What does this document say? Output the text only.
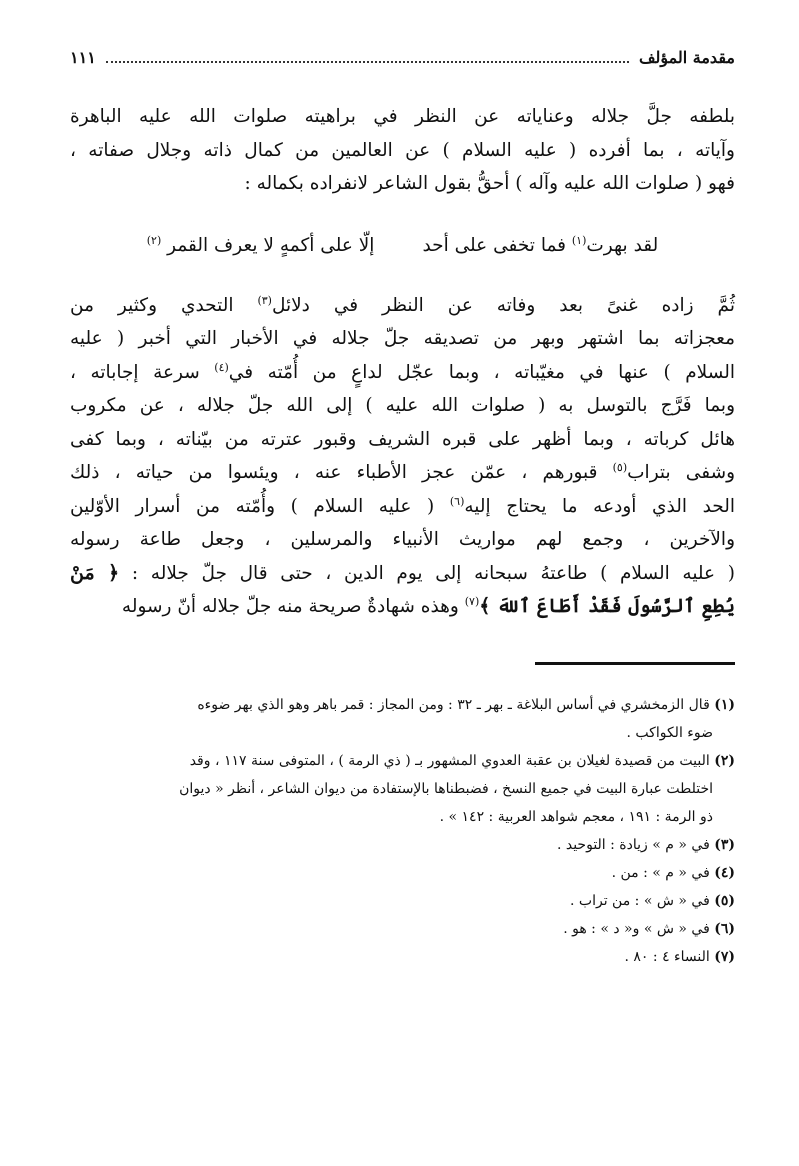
مقدمة المؤلف
١١١
بلطفه جلَّ جلاله وعناياته عن النظر في براهيته صلوات الله عليه الباهرة
وآياته ، بما أفرده ( عليه السلام ) عن العالمين من كمال ذاته وجلال صفاته ،
فهو ( صلوات الله عليه وآله ) أحقُّ بقول الشاعر لانفراده بكماله :
لقد بهرت$^{(١)}$ فما تخفى على أحد
إلّا على أكمهٍ لا يعرف القمر $^{(٢)}$
ثُمَّ زاده غنىً بعد وفاته عن النظر في دلائل$^{(٣)}$ التحدي وكثير من
معجزاته بما اشتهر وبهر من تصديقه جلّ جلاله في الأخبار التي أخبر ( عليه
السلام ) عنها في مغيّباته ، وبما عجّل لداعٍ من أُمّته في$^{(٤)}$ سرعة إجاباته ،
وبما فَرَّج بالتوسل به ( صلوات الله عليه ) إلى الله جلّ جلاله ، عن مكروب
هائل كرباته ، وبما أظهر على قبره الشريف وقبور عترته من بيّناته ، وبما كفى
وشفى بتراب$^{(٥)}$ قبورهم ، عمّن عجز الأطباء عنه ، ويئسوا من حياته ، ذلك
الحد الذي أودعه ما يحتاج إليه$^{(٦)}$ ( عليه السلام ) وأُمّته من أسرار الأوّلين
والآخرين ، وجمع لهم مواريث الأنبياء والمرسلين ، وجعل طاعة رسوله
( عليه السلام ) طاعتهُ سبحانه إلى يوم الدين ، حتى قال جلّ جلاله : ﴿ مَنْ
يُطِعِ ٱلرَّسُولَ فَقَدْ أَطَاعَ ٱللهَ ﴾$^{(٧)}$ وهذه شهادةٌ صريحة منه جلّ جلاله أنّ رسوله
(١) قال الزمخشري في أساس البلاغة ـ بهر ـ ٣٢ : ومن المجاز : قمر باهر وهو الذي بهر ضوءه
ضوء الكواكب .
(٢) البيت من قصيدة لغيلان بن عقبة العدوي المشهور بـ ( ذي الرمة ) ، المتوفى سنة ١١٧ ، وقد
اختلطت عبارة البيت في جميع النسخ ، فضبطناها بالإستفادة من ديوان الشاعر ، أنظر « ديوان
ذو الرمة : ١٩١ ، معجم شواهد العربية : ١٤٢ » .
(٣) في « م » زيادة : التوحيد .
(٤) في « م » : من .
(٥) في « ش » : من تراب .
(٦) في « ش » و« د » : هو .
(٧) النساء ٤ : ٨٠ .
